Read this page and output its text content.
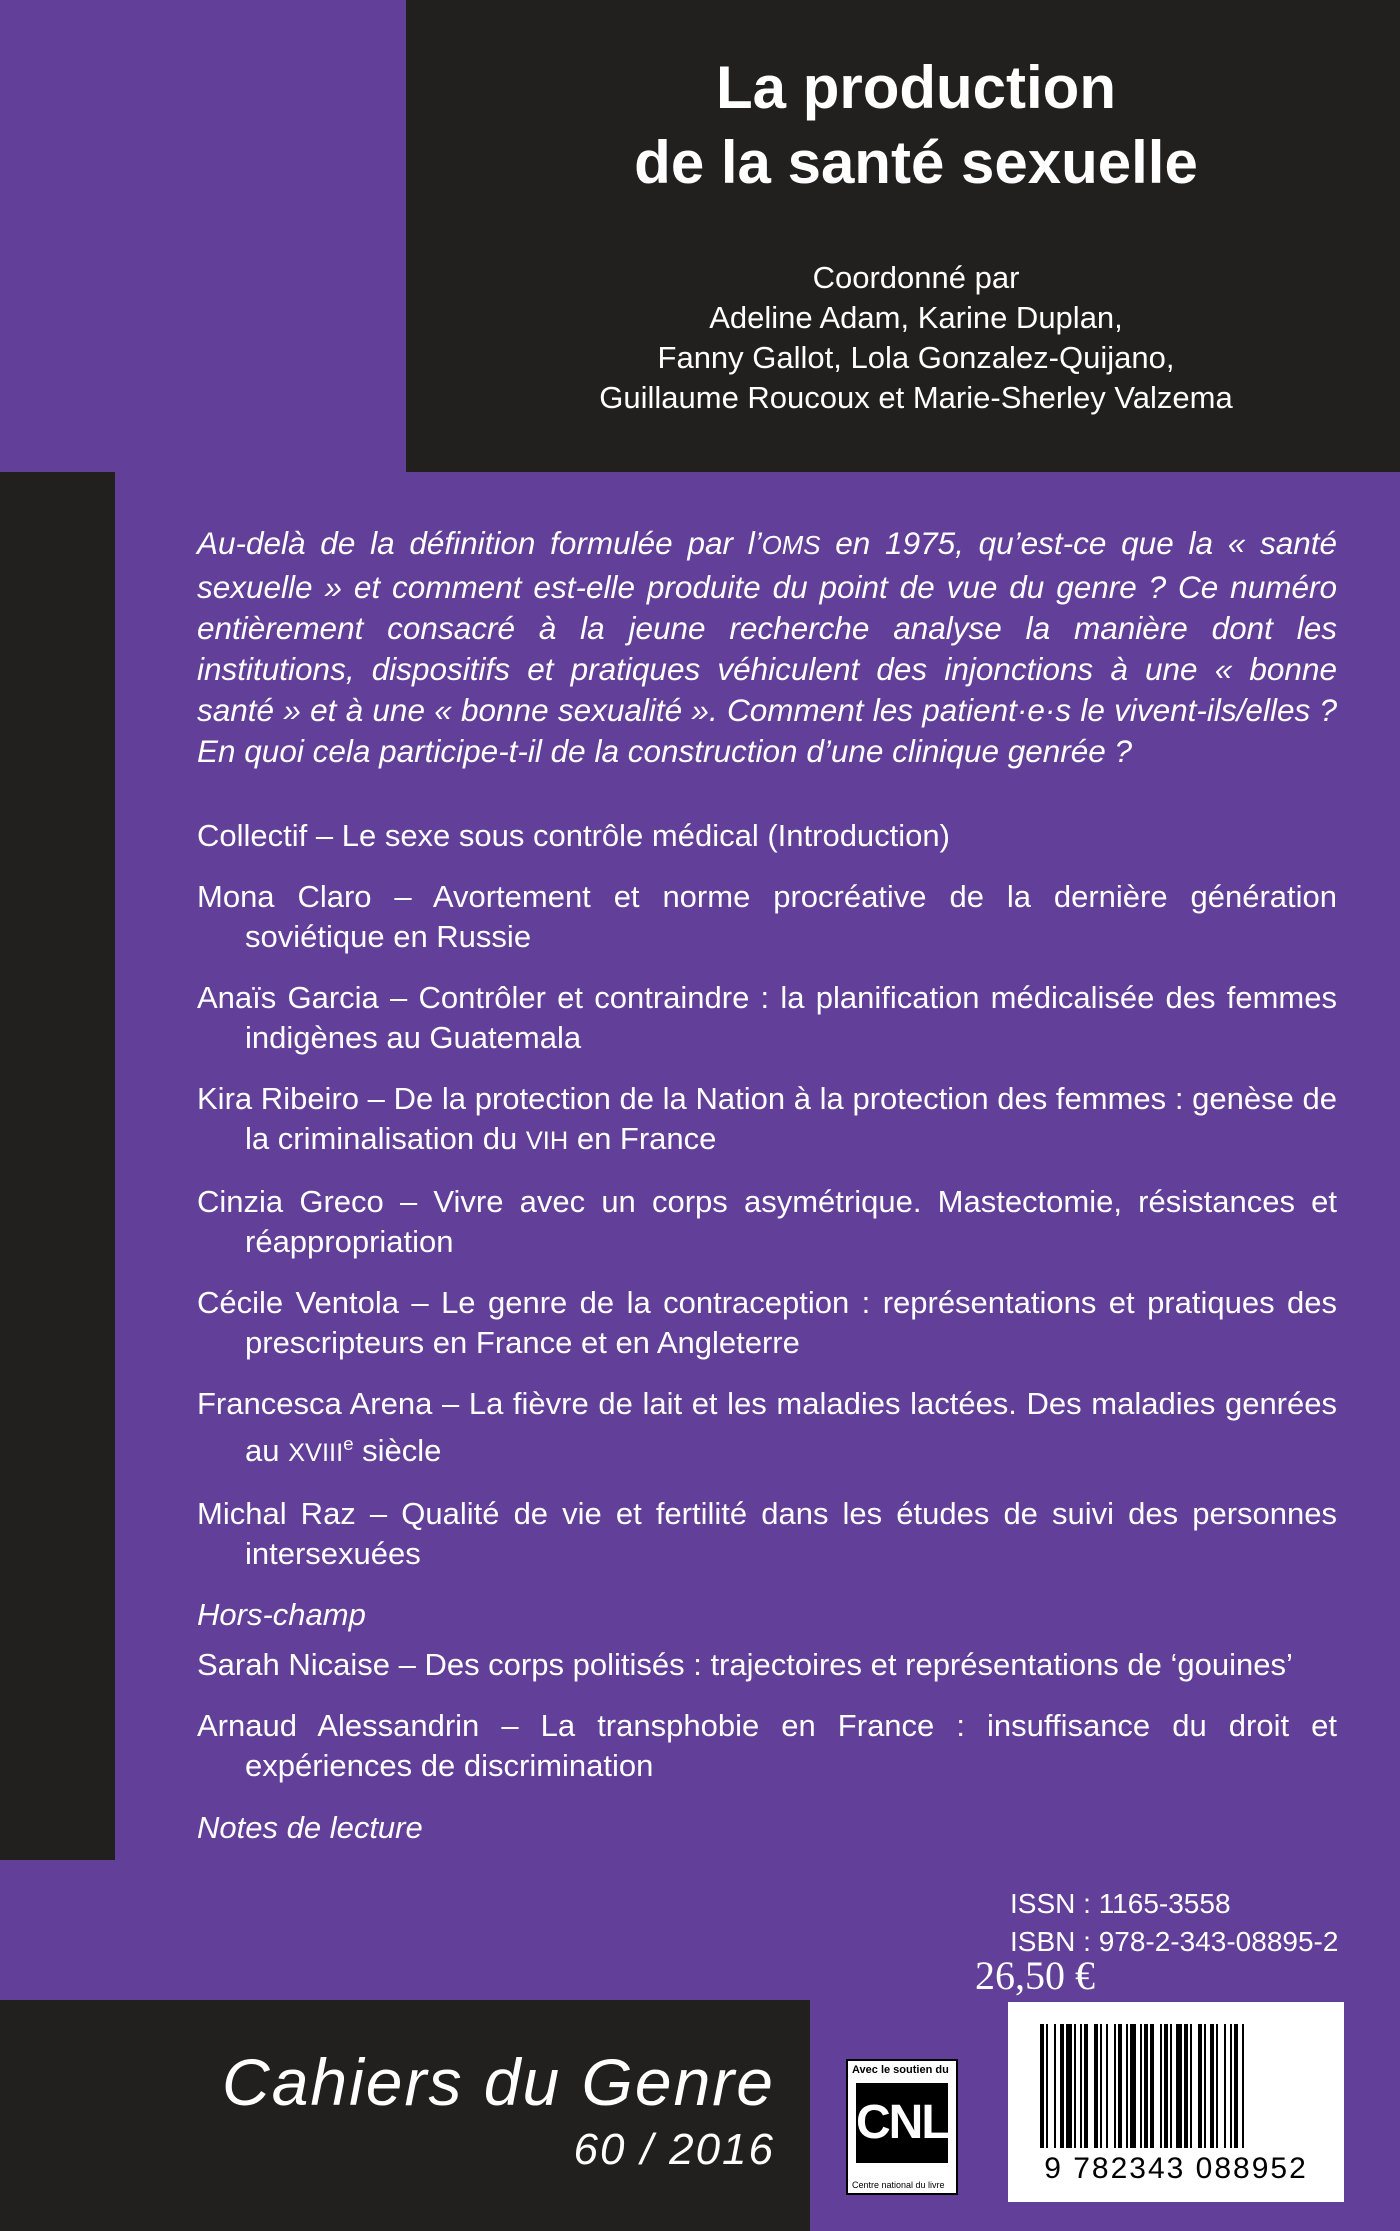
La production
de la santé sexuelle
Coordonné par
Adeline Adam, Karine Duplan,
Fanny Gallot, Lola Gonzalez-Quijano,
Guillaume Roucoux et Marie-Sherley Valzema

Au-delà de la définition formulée par l’OMS en 1975, qu’est-ce que la « santé sexuelle » et comment est-elle produite du point de vue du genre ? Ce numéro entièrement consacré à la jeune recherche analyse la manière dont les institutions, dispositifs et pratiques véhiculent des injonctions à une « bonne santé » et à une « bonne sexualité ». Comment les patient·e·s le vivent-ils/elles ? En quoi cela participe-t-il de la construction d’une clinique genrée ?

Collectif – Le sexe sous contrôle médical (Introduction)

Mona Claro – Avortement et norme procréative de la dernière génération soviétique en Russie

Anaïs Garcia – Contrôler et contraindre : la planification médicalisée des femmes indigènes au Guatemala

Kira Ribeiro – De la protection de la Nation à la protection des femmes : genèse de la criminalisation du VIH en France

Cinzia Greco – Vivre avec un corps asymétrique. Mastectomie, résistances et réappropriation

Cécile Ventola – Le genre de la contraception : représentations et pratiques des prescripteurs en France et en Angleterre

Francesca Arena – La fièvre de lait et les maladies lactées. Des maladies genrées au XVIIIe siècle

Michal Raz – Qualité de vie et fertilité dans les études de suivi des personnes intersexuées

Hors-champ

Sarah Nicaise – Des corps politisés : trajectoires et représentations de ‘gouines’

Arnaud Alessandrin – La transphobie en France : insuffisance du droit et expériences de discrimination

Notes de lecture

ISSN : 1165-3558
ISBN : 978-2-343-08895-2
26,50 €
Cahiers du Genre
60 / 2016
Avec le soutien du
CNL
Centre national du livre	9 782343 088952
